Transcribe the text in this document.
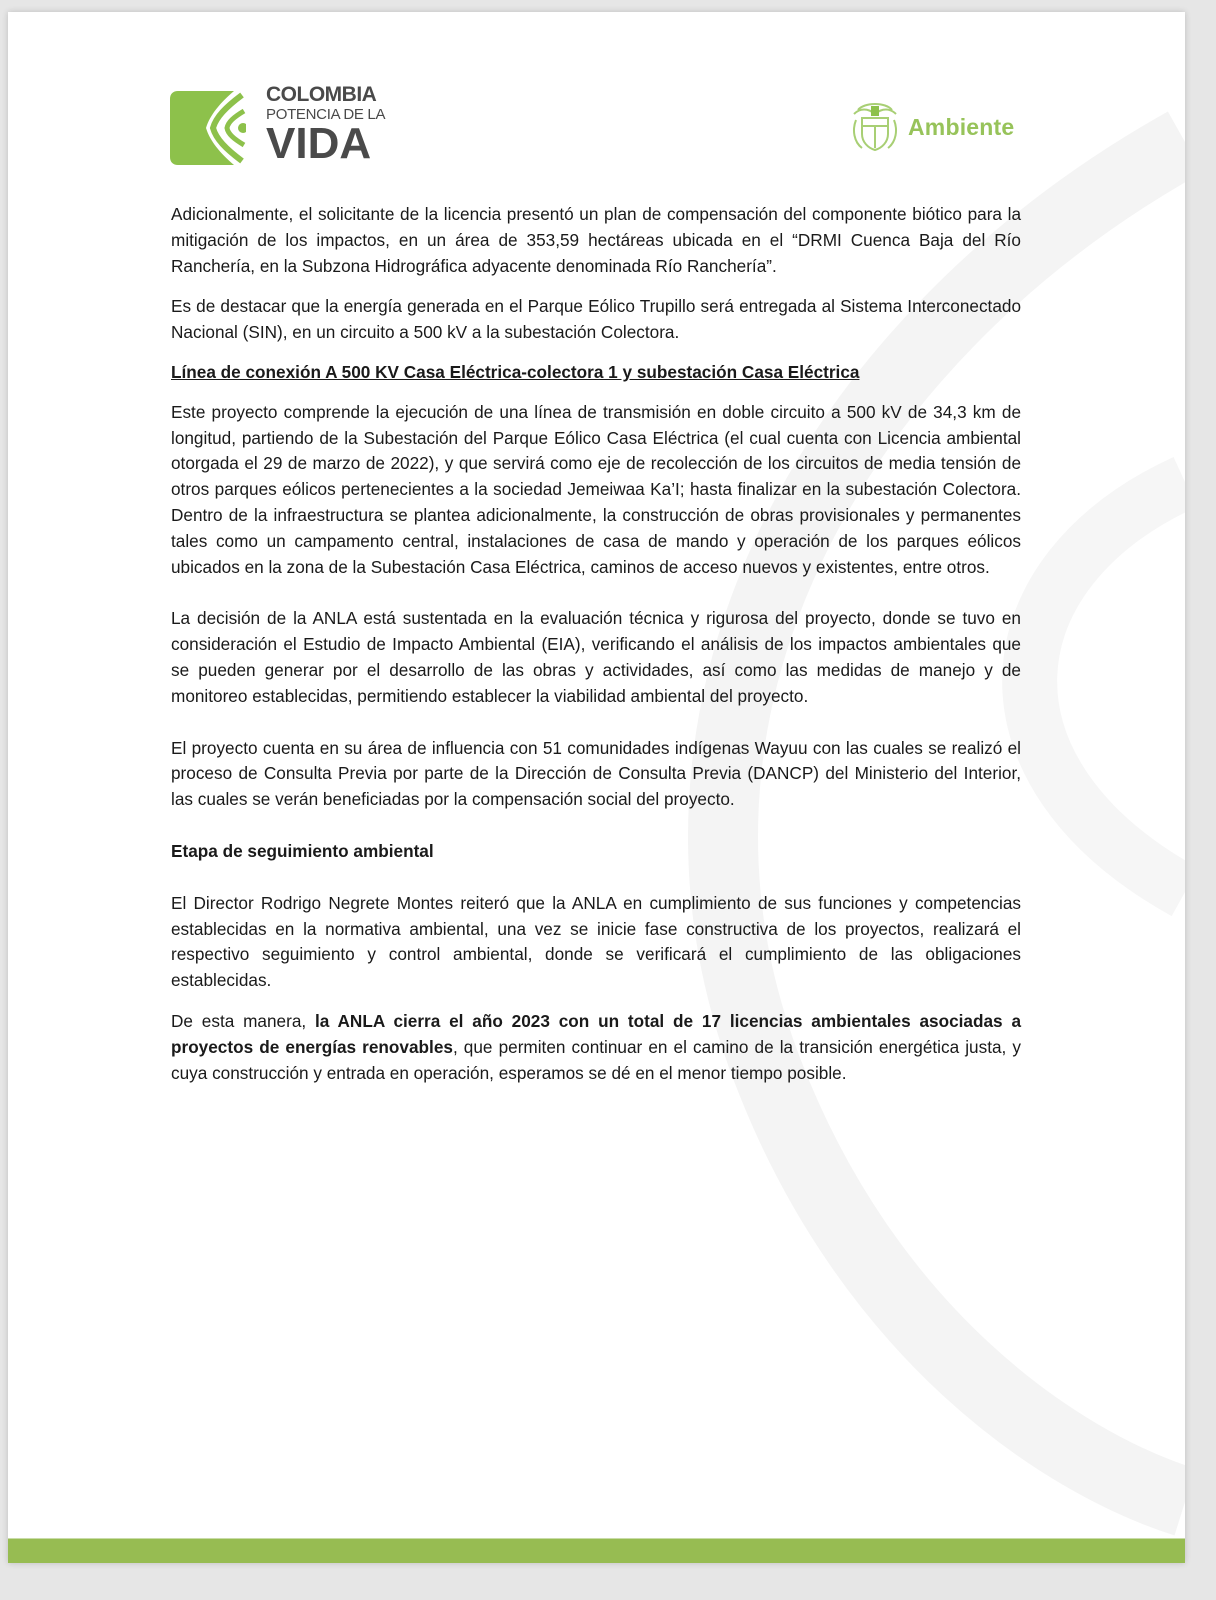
COLOMBIA
POTENCIA DE LA
VIDA	Ambiente

Adicionalmente, el solicitante de la licencia presentó un plan de compensación del componente biótico para la mitigación de los impactos, en un área de 353,59 hectáreas ubicada en el “DRMI Cuenca Baja del Río Ranchería, en la Subzona Hidrográfica adyacente denominada Río Ranchería”.

Es de destacar que la energía generada en el Parque Eólico Trupillo será entregada al Sistema Interconectado Nacional (SIN), en un circuito a 500 kV a la subestación Colectora.

Línea de conexión A 500 KV Casa Eléctrica-colectora 1 y subestación Casa Eléctrica

Este proyecto comprende la ejecución de una línea de transmisión en doble circuito a 500 kV de 34,3 km de longitud, partiendo de la Subestación del Parque Eólico Casa Eléctrica (el cual cuenta con Licencia ambiental otorgada el 29 de marzo de 2022), y que servirá como eje de recolección de los circuitos de media tensión de otros parques eólicos pertenecientes a la sociedad Jemeiwaa Ka’I; hasta finalizar en la subestación Colectora. Dentro de la infraestructura se plantea adicionalmente, la construcción de obras provisionales y permanentes tales como un campamento central, instalaciones de casa de mando y operación de los parques eólicos ubicados en la zona de la Subestación Casa Eléctrica, caminos de acceso nuevos y existentes, entre otros.

La decisión de la ANLA está sustentada en la evaluación técnica y rigurosa del proyecto, donde se tuvo en consideración el Estudio de Impacto Ambiental (EIA), verificando el análisis de los impactos ambientales que se pueden generar por el desarrollo de las obras y actividades, así como las medidas de manejo y de monitoreo establecidas, permitiendo establecer la viabilidad ambiental del proyecto.

El proyecto cuenta en su área de influencia con 51 comunidades indígenas Wayuu con las cuales se realizó el proceso de Consulta Previa por parte de la Dirección de Consulta Previa (DANCP) del Ministerio del Interior, las cuales se verán beneficiadas por la compensación social del proyecto.

Etapa de seguimiento ambiental

El Director Rodrigo Negrete Montes reiteró que la ANLA en cumplimiento de sus funciones y competencias establecidas en la normativa ambiental, una vez se inicie fase constructiva de los proyectos, realizará el respectivo seguimiento y control ambiental, donde se verificará el cumplimiento de las obligaciones establecidas.

De esta manera, la ANLA cierra el año 2023 con un total de 17 licencias ambientales asociadas a proyectos de energías renovables, que permiten continuar en el camino de la transición energética justa, y cuya construcción y entrada en operación, esperamos se dé en el menor tiempo posible.
